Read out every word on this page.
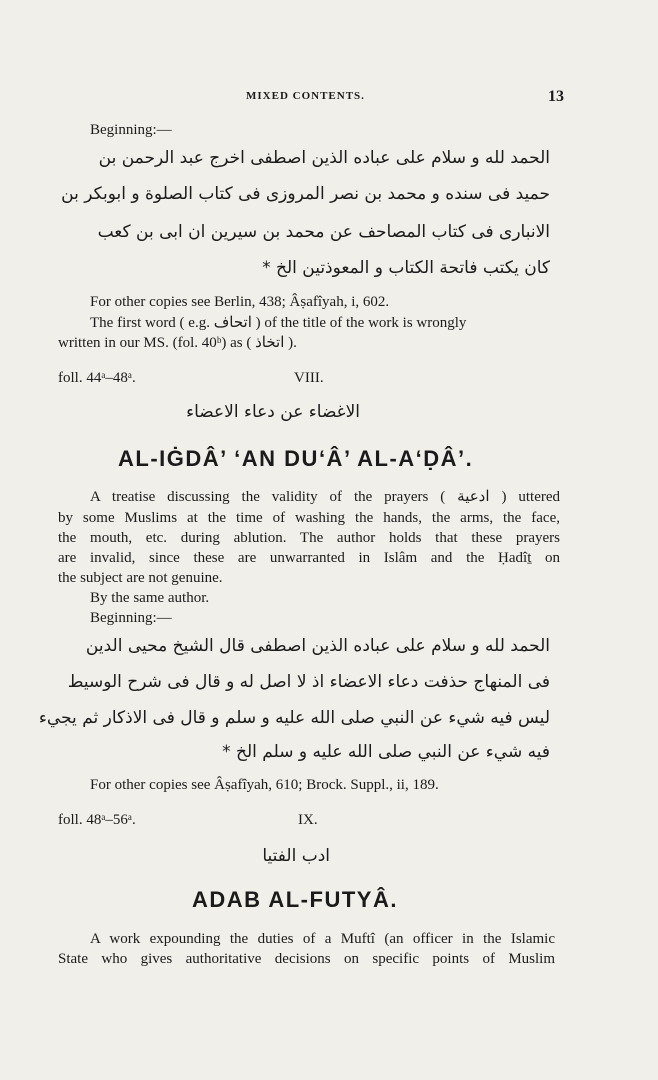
MIXED CONTENTS.	13
Beginning:—
الحمد لله و سلام على عباده الذين اصطفى اخرج عبد الرحمن بن
حميد فى سنده و محمد بن نصر المروزى فى كتاب الصلوة و ابوبكر بن
الانبارى فى كتاب المصاحف عن محمد بن سيرين ان ابى بن كعب
كان يكتب فاتحة الكتاب و المعوذتين الخ *
For other copies see Berlin, 438; Âṣafîyah, i, 602.
The first word ( e.g. اتحاف ) of the title of the work is wrongly
written in our MS. (fol. 40ᵇ) as ( اتخاذ ).
foll. 44ᵃ–48ᵃ.	VIII.
الاغضاء عن دعاء الاعضاء
AL-IĠDÂ’ ‘AN DU‘Â’ AL-A‘ḌÂ’.
A treatise discussing the validity of the prayers ( ادعية ) uttered
by some Muslims at the time of washing the hands, the arms, the face,
the mouth, etc. during ablution. The author holds that these prayers
are invalid, since these are unwarranted in Islâm and the Ḥadîṯ on
the subject are not genuine.
By the same author.
Beginning:—
الحمد لله و سلام على عباده الذين اصطفى قال الشيخ محيى الدين
فى المنهاج حذفت دعاء الاعضاء اذ لا اصل له و قال فى شرح الوسيط
ليس فيه شيء عن النبي صلى الله عليه و سلم و قال فى الاذكار ثم يجيء
فيه شيء عن النبي صلى الله عليه و سلم الخ *
For other copies see Âṣafîyah, 610; Brock. Suppl., ii, 189.
foll. 48ᵃ–56ᵃ.	IX.
ادب الفتيا
ADAB AL-FUTYÂ.
A work expounding the duties of a Muftî (an officer in the Islamic
State who gives authoritative decisions on specific points of Muslim
